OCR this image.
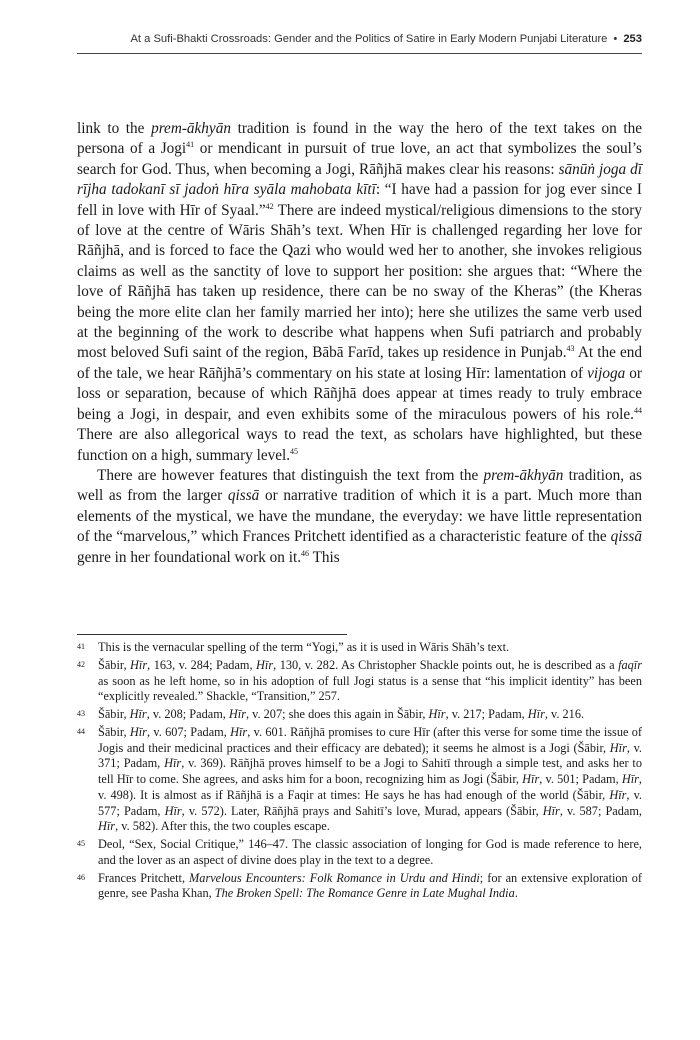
At a Sufi-Bhakti Crossroads: Gender and the Politics of Satire in Early Modern Punjabi Literature • 253

link to the prem-ākhyān tradition is found in the way the hero of the text takes on the persona of a Jogi$^{41}$ or mendicant in pursuit of true love, an act that symbolizes the soul’s search for God. Thus, when becoming a Jogi, Rāñjhā makes clear his reasons: sānūṅ joga dī rījha tadokanī sī jadoṅ hīra syāla mahobata kītī: “I have had a passion for jog ever since I fell in love with Hīr of Syaal.”$^{42}$ There are indeed mystical/religious dimensions to the story of love at the centre of Wāris Shāh’s text. When Hīr is challenged regarding her love for Rāñjhā, and is forced to face the Qazi who would wed her to another, she invokes religious claims as well as the sanctity of love to support her position: she argues that: “Where the love of Rāñjhā has taken up residence, there can be no sway of the Kheras” (the Kheras being the more elite clan her family married her into); here she utilizes the same verb used at the beginning of the work to describe what happens when Sufi patriarch and probably most beloved Sufi saint of the region, Bābā Farīd, takes up residence in Punjab.$^{43}$ At the end of the tale, we hear Rāñjhā’s commentary on his state at losing Hīr: lamentation of vijoga or loss or separation, because of which Rāñjhā does appear at times ready to truly embrace being a Jogi, in despair, and even exhibits some of the miraculous powers of his role.$^{44}$ There are also allegorical ways to read the text, as scholars have highlighted, but these function on a high, summary level.$^{45}$

There are however features that distinguish the text from the prem-ākhyān tradition, as well as from the larger qissā or narrative tradition of which it is a part. Much more than elements of the mystical, we have the mundane, the everyday: we have little representation of the “marvelous,” which Frances Pritchett identified as a characteristic feature of the qissā genre in her foundational work on it.$^{46}$ This

41 This is the vernacular spelling of the term “Yogi,” as it is used in Wāris Shāh’s text.
42 Šābir, Hīr, 163, v. 284; Padam, Hīr, 130, v. 282. As Christopher Shackle points out, he is described as a faqīr as soon as he left home, so in his adoption of full Jogi status is a sense that “his implicit identity” has been “explicitly revealed.” Shackle, “Transition,” 257.
43 Šābir, Hīr, v. 208; Padam, Hīr, v. 207; she does this again in Šābir, Hīr, v. 217; Padam, Hīr, v. 216.
44 Šābir, Hīr, v. 607; Padam, Hīr, v. 601. Rāñjhā promises to cure Hīr (after this verse for some time the issue of Jogis and their medicinal practices and their efficacy are debated); it seems he almost is a Jogi (Šābir, Hīr, v. 371; Padam, Hīr, v. 369). Rāñjhā proves himself to be a Jogi to Sahitī through a simple test, and asks her to tell Hīr to come. She agrees, and asks him for a boon, recognizing him as Jogi (Šābir, Hīr, v. 501; Padam, Hīr, v. 498). It is almost as if Rāñjhā is a Faqir at times: He says he has had enough of the world (Šābir, Hīr, v. 577; Padam, Hīr, v. 572). Later, Rāñjhā prays and Sahitī’s love, Murad, appears (Šābir, Hīr, v. 587; Padam, Hīr, v. 582). After this, the two couples escape.
45 Deol, “Sex, Social Critique,” 146–47. The classic association of longing for God is made reference to here, and the lover as an aspect of divine does play in the text to a degree.
46 Frances Pritchett, Marvelous Encounters: Folk Romance in Urdu and Hindi; for an extensive exploration of genre, see Pasha Khan, The Broken Spell: The Romance Genre in Late Mughal India.
